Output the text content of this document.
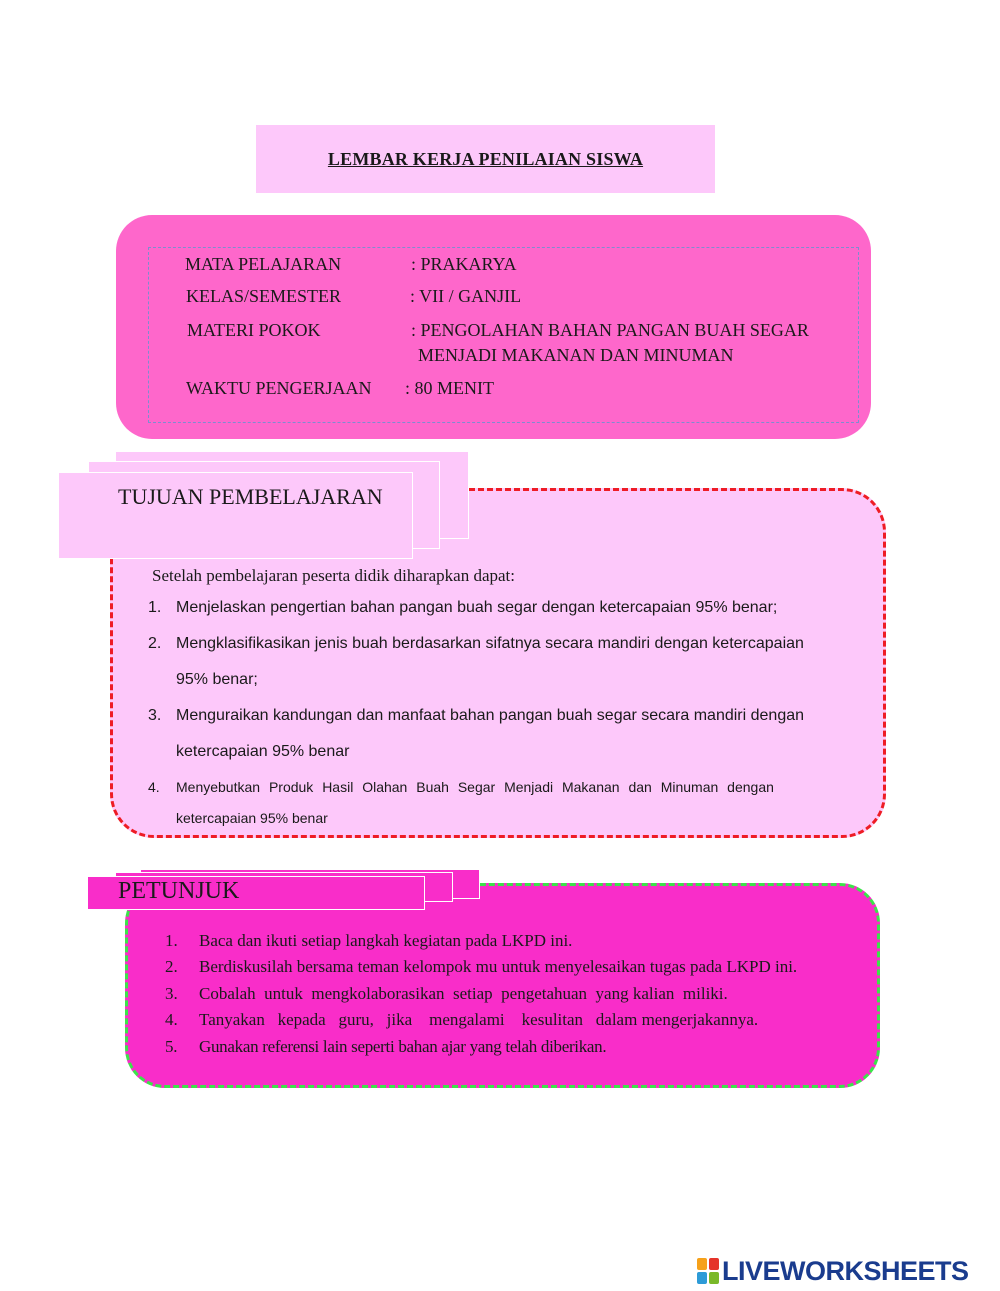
LEMBAR KERJA PENILAIAN SISWA
MATA PELAJARAN	: PRAKARYA
KELAS/SEMESTER	: VII / GANJIL
MATERI POKOK	: PENGOLAHAN BAHAN PANGAN BUAH SEGAR
MENJADI MAKANAN DAN MINUMAN
WAKTU PENGERJAAN : 80 MENIT
TUJUAN PEMBELAJARAN
Setelah pembelajaran peserta didik diharapkan dapat:
1. Menjelaskan pengertian bahan pangan buah segar dengan ketercapaian 95% benar;
2. Mengklasifikasikan jenis buah berdasarkan sifatnya secara mandiri dengan ketercapaian
95% benar;
3. Menguraikan kandungan dan manfaat bahan pangan buah segar secara mandiri dengan
ketercapaian 95% benar
4. Menyebutkan Produk Hasil Olahan Buah Segar Menjadi Makanan dan Minuman dengan
ketercapaian 95% benar
PETUNJUK
1. Baca dan ikuti setiap langkah kegiatan pada LKPD ini.
2. Berdiskusilah bersama teman kelompok mu untuk menyelesaikan tugas pada LKPD ini.
3. Cobalah  untuk  mengkolaborasikan  setiap  pengetahuan  yang kalian  miliki.
4. Tanyakan   kepada   guru,   jika    mengalami    kesulitan   dalam mengerjakannya.
5. Gunakan referensi lain seperti bahan ajar yang telah diberikan.
LIVEWORKSHEETS
